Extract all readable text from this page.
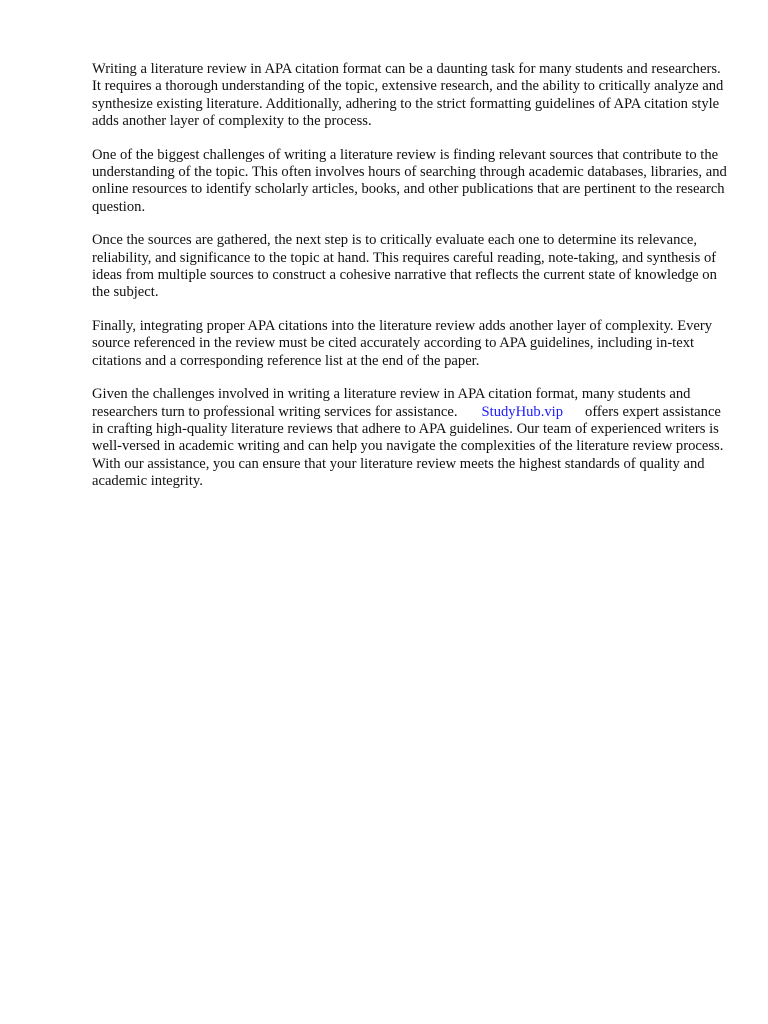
Writing a literature review in APA citation format can be a daunting task for many students and researchers. It requires a thorough understanding of the topic, extensive research, and the ability to critically analyze and synthesize existing literature. Additionally, adhering to the strict formatting guidelines of APA citation style adds another layer of complexity to the process.

One of the biggest challenges of writing a literature review is finding relevant sources that contribute to the understanding of the topic. This often involves hours of searching through academic databases, libraries, and online resources to identify scholarly articles, books, and other publications that are pertinent to the research question.

Once the sources are gathered, the next step is to critically evaluate each one to determine its relevance, reliability, and significance to the topic at hand. This requires careful reading, note-taking, and synthesis of ideas from multiple sources to construct a cohesive narrative that reflects the current state of knowledge on the subject.

Finally, integrating proper APA citations into the literature review adds another layer of complexity. Every source referenced in the review must be cited accurately according to APA guidelines, including in-text citations and a corresponding reference list at the end of the paper.

Given the challenges involved in writing a literature review in APA citation format, many students and researchers turn to professional writing services for assistance. StudyHub.vip offers expert assistance in crafting high-quality literature reviews that adhere to APA guidelines. Our team of experienced writers is well-versed in academic writing and can help you navigate the complexities of the literature review process. With our assistance, you can ensure that your literature review meets the highest standards of quality and academic integrity.
